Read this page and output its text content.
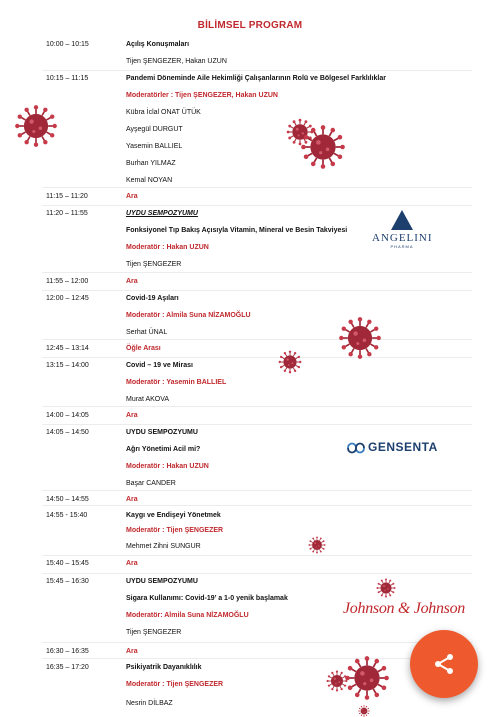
BİLİMSEL PROGRAM
10:00 – 10:15	Açılış Konuşmaları
Tijen ŞENGEZER, Hakan UZUN
10:15 – 11:15	Pandemi Döneminde Aile Hekimliği Çalışanlarının Rolü ve Bölgesel Farklılıklar
Moderatörler : Tijen ŞENGEZER, Hakan UZUN
Kübra İclal ONAT ÜTÜK
Ayşegül DURGUT
Yasemin BALLIEL
Burhan YILMAZ
Kemal NOYAN
11:15 – 11:20	Ara
11:20 – 11:55	UYDU SEMPOZYUMU
Fonksiyonel Tıp Bakış Açısıyla Vitamin, Mineral ve Besin Takviyesi
Moderatör : Hakan UZUN
Tijen ŞENGEZER
11:55 – 12:00	Ara
12:00 – 12:45	Covid-19 Aşıları
Moderatör : Almila Suna NİZAMOĞLU
Serhat ÜNAL
12:45 – 13:14	Öğle Arası
13:15 – 14:00	Covid – 19 ve Mirası
Moderatör : Yasemin BALLIEL
Murat AKOVA
14:00 – 14:05	Ara
14:05 – 14:50	UYDU SEMPOZYUMU
Ağrı Yönetimi Acil mi?
Moderatör : Hakan UZUN
Başar CANDER
14:50 – 14:55	Ara
14:55 - 15:40	Kaygı ve Endişeyi Yönetmek
Moderatör : Tijen ŞENGEZER
Mehmet Zihni SUNGUR
15:40 – 15:45	Ara
15:45 – 16:30	UYDU SEMPOZYUMU
Sigara Kullanımı: Covid-19’ a 1-0 yenik başlamak
Moderatör: Almila Suna NİZAMOĞLU
Tijen ŞENGEZER
16:30 – 16:35	Ara
16:35 – 17:20	Psikiyatrik Dayanıklılık
Moderatör : Tijen ŞENGEZER
Nesrin DİLBAZ
ANGELINI
PHARMA
GENSENTA
Johnson & Johnson
